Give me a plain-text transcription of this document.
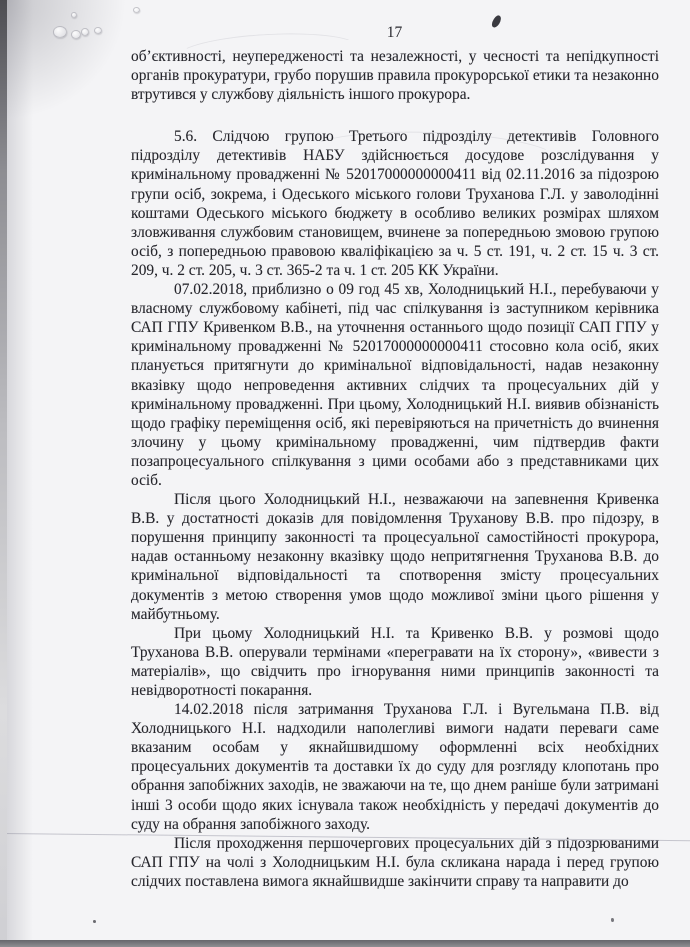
17

об’єктивності, неупередженості та незалежності, у чесності та непідкупності органів прокуратури, грубо порушив правила прокурорської етики та незаконно втрутився у службову діяльність іншого прокурора.

5.6. Слідчою групою Третього підрозділу детективів Головного підрозділу детективів НАБУ здійснюється досудове розслідування у кримінальному провадженні № 52017000000000411 від 02.11.2016 за підозрою групи осіб, зокрема, і Одеського міського голови Труханова Г.Л. у заволодінні коштами Одеського міського бюджету в особливо великих розмірах шляхом зловживання службовим становищем, вчинене за попередньою змовою групою осіб, з попередньою правовою кваліфікацією за ч. 5 ст. 191, ч. 2 ст. 15 ч. 3 ст. 209, ч. 2 ст. 205, ч. 3 ст. 365-2 та ч. 1 ст. 205 КК України.

07.02.2018, приблизно о 09 год 45 хв, Холодницький Н.І., перебуваючи у власному службовому кабінеті, під час спілкування із заступником керівника САП ГПУ Кривенком В.В., на уточнення останнього щодо позиції САП ГПУ у кримінальному провадженні № 52017000000000411 стосовно кола осіб, яких планується притягнути до кримінальної відповідальності, надав незаконну вказівку щодо непроведення активних слідчих та процесуальних дій у кримінальному провадженні. При цьому, Холодницький Н.І. виявив обізнаність щодо графіку переміщення осіб, які перевіряються на причетність до вчинення злочину у цьому кримінальному провадженні, чим підтвердив факти позапроцесуального спілкування з цими особами або з представниками цих осіб.

Після цього Холодницький Н.І., незважаючи на запевнення Кривенка В.В. у достатності доказів для повідомлення Труханову В.В. про підозру, в порушення принципу законності та процесуальної самостійності прокурора, надав останньому незаконну вказівку щодо непритягнення Труханова В.В. до кримінальної відповідальності та спотворення змісту процесуальних документів з метою створення умов щодо можливої зміни цього рішення у майбутньому.

При цьому Холодницький Н.І. та Кривенко В.В. у розмові щодо Труханова В.В. оперували термінами «перегравати на їх сторону», «вивести з матеріалів», що свідчить про ігнорування ними принципів законності та невідворотності покарання.

14.02.2018 після затримання Труханова Г.Л. і Вугельмана П.В. від Холодницького Н.І. надходили наполегливі вимоги надати переваги саме вказаним особам у якнайшвидшому оформленні всіх необхідних процесуальних документів та доставки їх до суду для розгляду клопотань про обрання запобіжних заходів, не зважаючи на те, що днем раніше були затримані інші 3 особи щодо яких існувала також необхідність у передачі документів до суду на обрання запобіжного заходу.

Після проходження першочергових процесуальних дій з підозрюваними САП ГПУ на чолі з Холодницьким Н.І. була скликана нарада і перед групою слідчих поставлена вимога якнайшвидше закінчити справу та направити до
